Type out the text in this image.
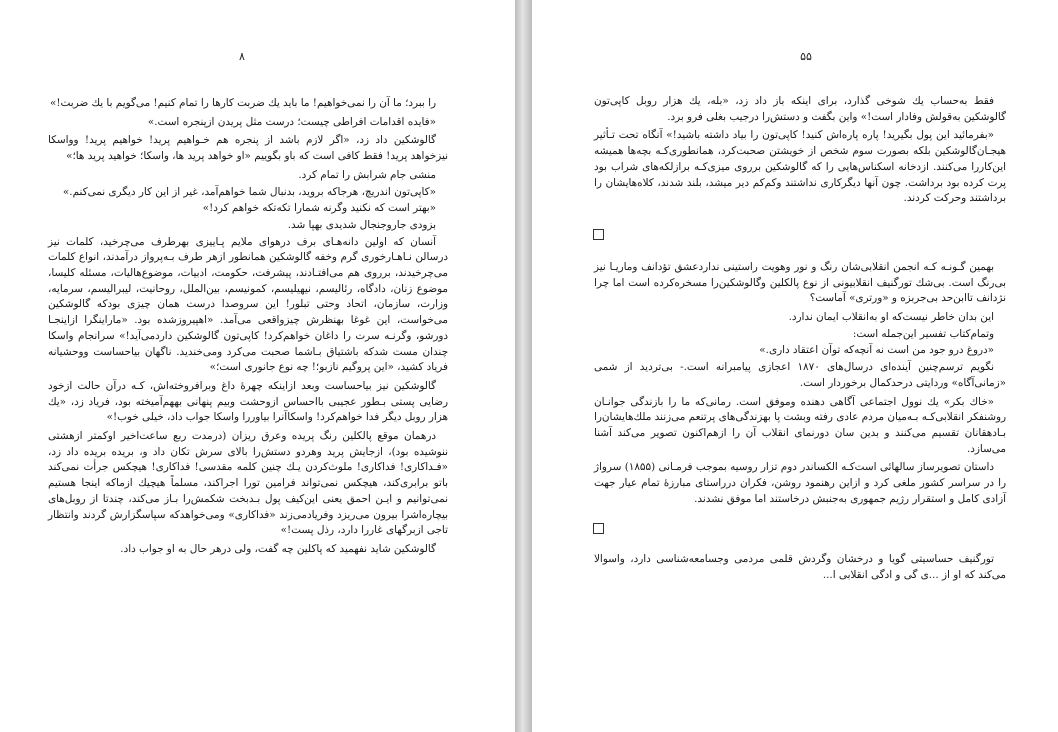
۸

را ببرد؛ ما آن را نمی‌خواهیم! ما باید یك ضربت کارها را تمام کنیم! می‌گویم با یك ضربت!»

«فایده اقدامات افراطی چیست؛ درست مثل پریدن ازپنجره است.»

گالوشکین داد زد، «اگر لازم باشد از پنجره هم خـواهیم پرید! خواهیم پرید! وواسکا نیزخواهد پرید! فقط کافی است که باو بگوییم «او خواهد پرید ها، واسکا؛ خواهید پرید ها؛»

منشی جام شرابش را تمام کرد.

«کاپی‌تون اندریچ، هرجاکه بروید، بدنبال شما خواهم‌آمد، غیر از این کار دیگری نمی‌کنم.»

«بهتر است که نکنید وگرنه شمارا تکه‌تکه خواهم کرد!»

بزودی جاروجنجال شدیدی بهپا شد.

آنسان که اولین دانه‌هـای برف درهوای ملایم پـاییزی بهرطرف می‌چرخید، کلمات نیز درسالن نـاهـارخوری گرم وخفه گالوشکین همانطور ازهر طرف بـه‌پرواز درآمدند، انواع کلمات می‌چرخیدند، برروی هم می‌افتـادند، پیشرفت، حکومت، ادبیات، موضوع‌هالیات، مسئله کلیسا، موضوع زنان، دادگاه، رئالیسم، نیهیلیسم، کمونیسم، بین‌الملل، روحانیت، لیبرالیسم، سرمایه، وزارت، سازمان، اتحاد وحتی تبلور! این سروصدا درست همان چیزی بودکه گالوشکین می‌خواست، این غوغا بهنظرش چیزواقعی می‌آمد. «اهپیروزشده بود. «ماراینگرا ازاینجـا دورشو، وگرنـه سرت را داغان خواهم‌کرد! کاپی‌تون گالوشکین داردمی‌آید!» سرانجام واسکا چندان مست شدکه باشتیاق بـاشما صحبت می‌کرد ومی‌خندید. ناگهان بیاحساست ووحشیانه فریاد کشید، «این پروگیم نازبو؛! چه نوع جانوری است؛»

گالوشکین نیز بیاحساست وبعد ازاینکه چهرهٔ داغ وبرافروخته‌اش، کـه درآن حالت ازخود رضایی پستی بـطور عجیبی بااحساس ازوحشت وبیم پنهانی بههم‌آمیخته بود، فریاد زد، «یك هزار روبل دیگر فدا خواهم‌کرد! واسکاآنرا بیاوررا واسکا جواب داد، خیلی خوب!»

درهمان موقع پالکلین رنگ پریده وعرق ریزان (درمدت ربع ساعت‌اخیر اوکمتر ازهشتی ننوشیده بود)، ازجایش پرید وهردو دستش‌را بالای سرش تکان داد و، بریده بریده داد زد، «فـداکاری! فداکاری! ملوث‌کردن یـك چنین کلمه مقدسی! فداکاری! هیچکس جرأت نمی‌کند باتو برابری‌کند، هیچکس نمی‌تواند فرامین تورا اجراکند، مسلماً هیچیك ازماکه اینجا هستیم نمی‌توانیم و ایـن احمق یعنی این‌کیف پول بـدبخت شکمش‌را بـاز می‌کند، چندتا از روبل‌های بیچاره‌اشرا بیرون می‌ریزد وفریادمی‌زند «فداکاری» ومی‌خواهدکه سپاسگزارش گردند وانتظار تاجی ازبرگهای غاررا دارد، رذل پست!»

گالوشکین شاید نفهمید که پاکلین چه گفت، ولی درهر حال به او جواب داد.

۵۵

فقط به‌حساب یك شوخی گذارد، برای اینکه باز داد زد، «بله، یك هزار روبل کاپی‌تون گالوشکین به‌قولش وفادار است!» واین بگفت و دستش‌را درجیب بغلی فرو برد.

«بفرمائید این پول بگیرید! پاره پاره‌اش کنید! کاپی‌تون را بیاد داشته باشید!» آنگاه تحت تـأثیر هیجـان‌گالوشکین بلکه بصورت سوم شخص از خویشتن صحبت‌کرد، همانطوری‌کـه بچه‌ها همیشه این‌کاررا می‌کنند. ازدخانه اسکناس‌هایی را که گالوشکین برروی میزی‌کـه برازلکه‌های شراب بود پرت کرده بود برداشت. چون آنها دیگرکاری نداشتند وکم‌کم دیر میشد، بلند شدند، کلاه‌هایشان را برداشتند وحرکت کردند.

بهمین گـونـه کـه انجمن انقلابی‌شان رنگ و نور وهویت راستینی نداردعشق تؤدانف وماریـا نیز بی‌رنگ است. بی‌شك تورگنیف انقلابیونی از نوع پالکلین وگالوشکین‌را مسخره‌کرده است اما چرا نژدانف تاابن‌حد بی‌جربزه و «ورتری» آماست؟

این بدان خاطر نیست‌که او به‌انقلاب ایمان ندارد.

وتمام‌کتاب تفسیر این‌جمله است:

«دروغ درو جود من است نه آنچه‌که تو‌آن اعتقاد داری.»

نگویم ترسم‌چنین آینده‌ای درسال‌های ۱۸۷۰ اعجازی پیامبرانه است.- بی‌تردید از شمی «زمانی‌آگاه» وردایتی درحدکمال برخوردار است.

«خاك بکر» یك نوول اجتماعی آگاهی دهنده وموفق است. رمانی‌که ما را بازندگی جوانـان روشنفکر انقلابی‌کـه بـه‌میان مردم عادی رفته وبشت پا بهزندگی‌های پرتنعم می‌زنند ملك‌هایشان‌را بـادهقانان تقسیم می‌کنند و بدین سان دورنمای انقلاب آن را ازهم‌اکنون تصویر می‌کند آشنا می‌سازد.

داستان تصویرساز سالهائی است‌کـه الکساندر دوم تزار روسیه بموجب فرمـانی (۱۸۵۵) سرواژ را در سراسر کشور ملغی کرد و ازاین رهنمود روشن، فکران درراستای مبارزهٔ تمام عیار جهت آزادی کامل و استقرار رژیم جمهوری به‌جنبش درخاستند اما موفق نشدند.

تورگنیف حساسیتی گویا و درخشان وگردش قلمی مردمی وجسامعه‌شناسی دارد، واسوالا می‌کند که او از ...ی گی و ادگی انقلابی ا...
